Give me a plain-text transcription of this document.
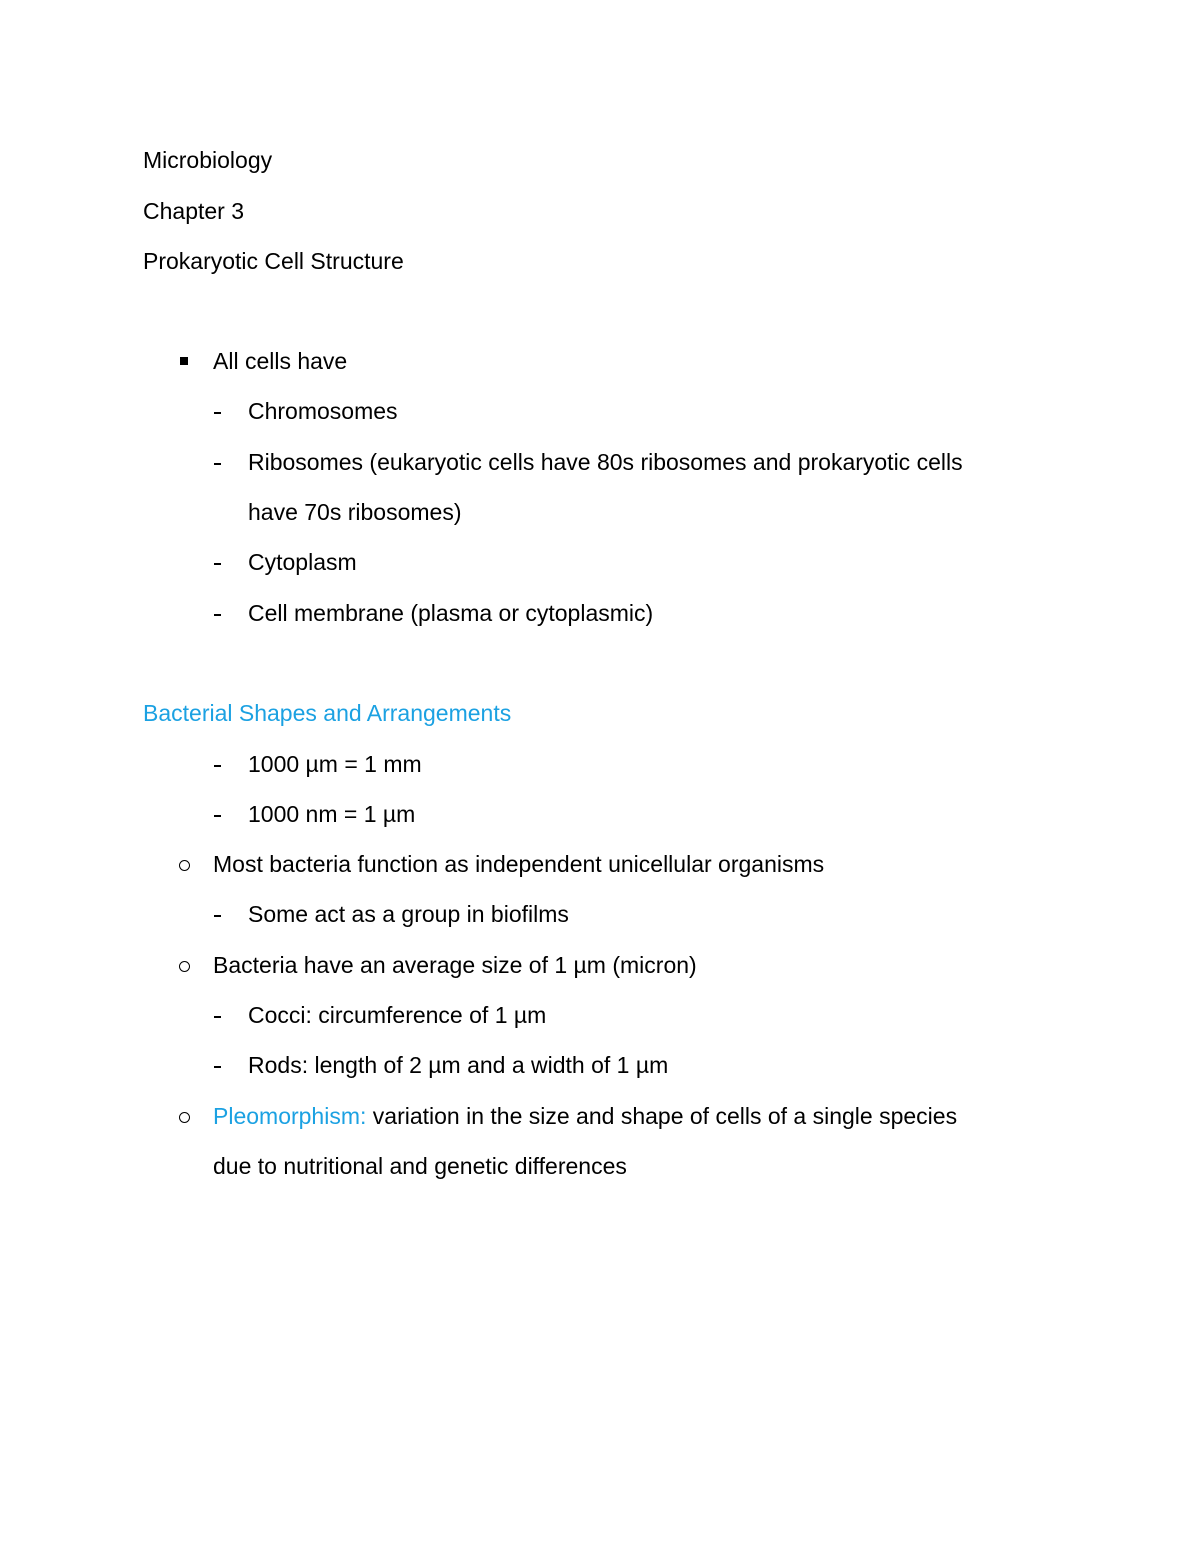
Microbiology
Chapter 3
Prokaryotic Cell Structure
All cells have
Chromosomes
Ribosomes (eukaryotic cells have 80s ribosomes and prokaryotic cells
have 70s ribosomes)
Cytoplasm
Cell membrane (plasma or cytoplasmic)
Bacterial Shapes and Arrangements
1000 µm = 1 mm
1000 nm = 1 µm
Most bacteria function as independent unicellular organisms
Some act as a group in biofilms
Bacteria have an average size of 1 µm (micron)
Cocci: circumference of 1 µm
Rods: length of 2 µm and a width of 1 µm
Pleomorphism: variation in the size and shape of cells of a single species
due to nutritional and genetic differences
